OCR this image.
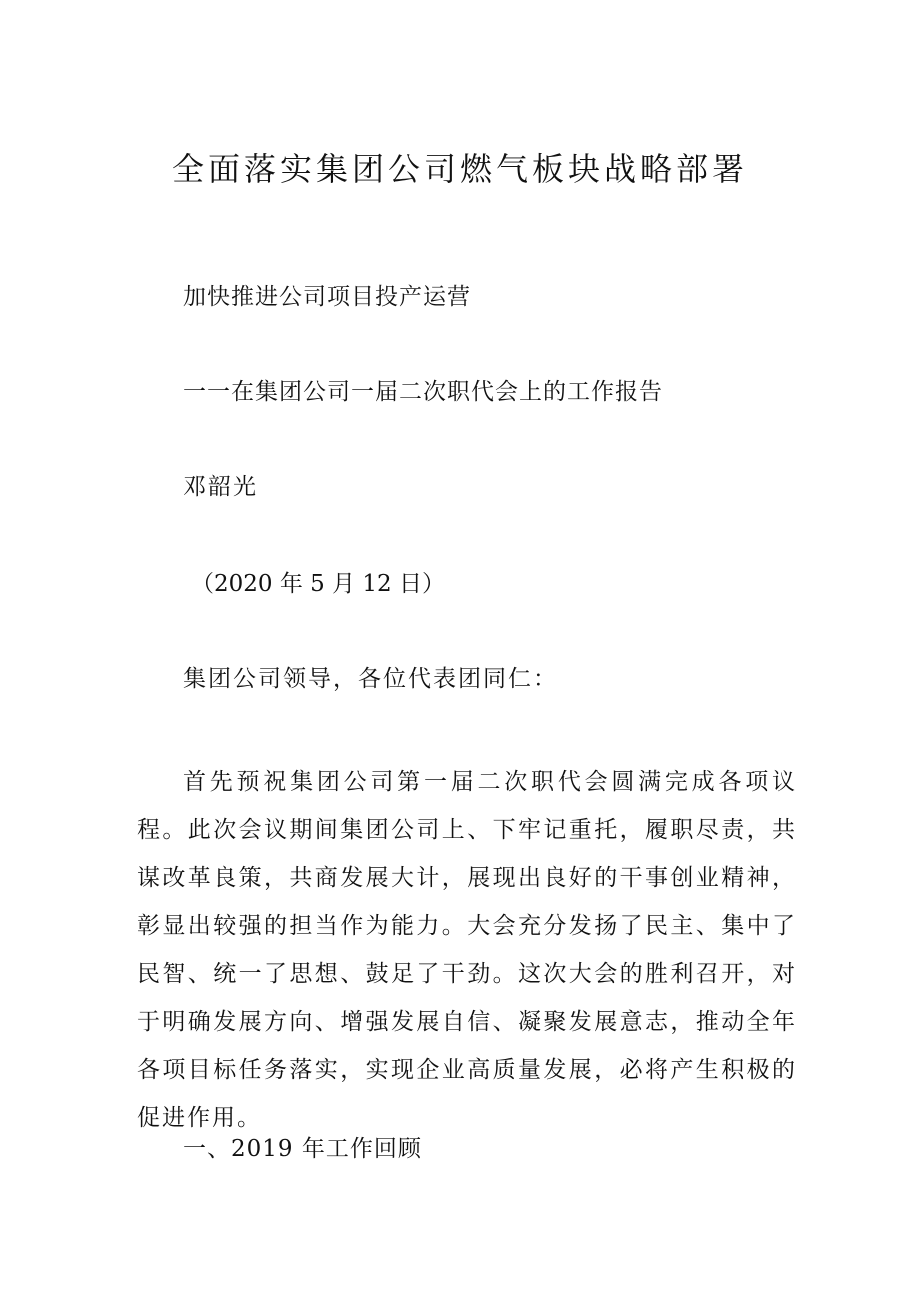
全面落实集团公司燃气板块战略部署
加快推进公司项目投产运营
一一在集团公司一届二次职代会上的工作报告
邓韶光
（2020 年 5 月 12 日）
集团公司领导，各位代表团同仁：

首先预祝集团公司第一届二次职代会圆满完成各项议程。此次会议期间集团公司上、下牢记重托，履职尽责，共谋改革良策，共商发展大计，展现出良好的干事创业精神，彰显出较强的担当作为能力。大会充分发扬了民主、集中了民智、统一了思想、鼓足了干劲。这次大会的胜利召开，对于明确发展方向、增强发展自信、凝聚发展意志，推动全年各项目标任务落实，实现企业高质量发展，必将产生积极的促进作用。

一、2019 年工作回顾
